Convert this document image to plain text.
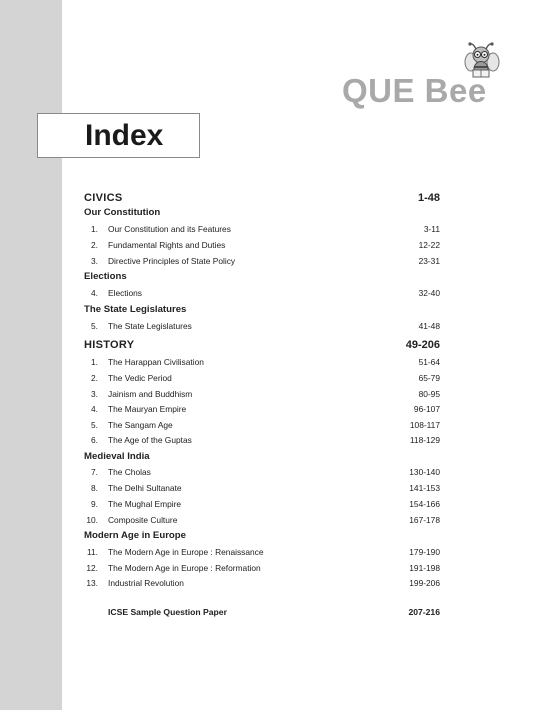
QUE Bee
Index
CIVICS	1-48
Our Constitution
1. Our Constitution and its Features	3-11
2. Fundamental Rights and Duties	12-22
3. Directive Principles of State Policy	23-31
Elections
4. Elections	32-40
The State Legislatures
5. The State Legislatures	41-48
HISTORY	49-206
1. The Harappan Civilisation	51-64
2. The Vedic Period	65-79
3. Jainism and Buddhism	80-95
4. The Mauryan Empire	96-107
5. The Sangam Age	108-117
6. The Age of the Guptas	118-129
Medieval India
7. The Cholas	130-140
8. The Delhi Sultanate	141-153
9. The Mughal Empire	154-166
10. Composite Culture	167-178
Modern Age in Europe
11. The Modern Age in Europe : Renaissance	179-190
12. The Modern Age in Europe : Reformation	191-198
13. Industrial Revolution	199-206
ICSE Sample Question Paper	207-216
